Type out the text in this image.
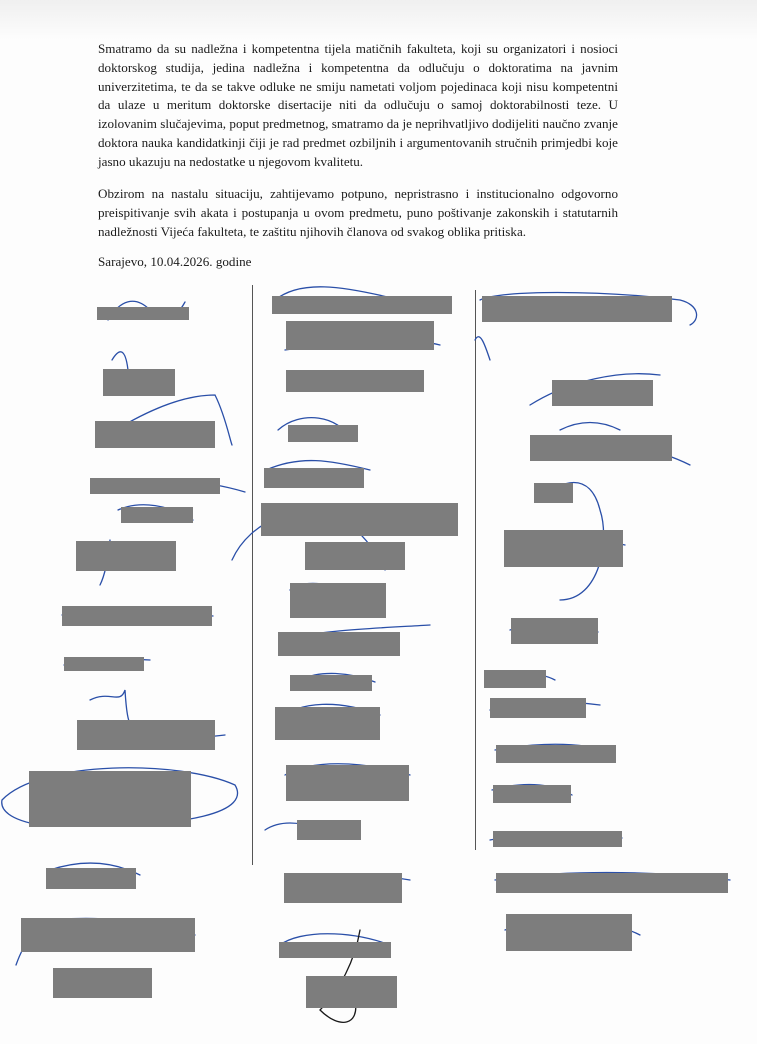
Smatramo da su nadležna i kompetentna tijela matičnih fakulteta, koji su organizatori i nosioci doktorskog studija, jedina nadležna i kompetentna da odlučuju o doktoratima na javnim univerzitetima, te da se takve odluke ne smiju nametati voljom pojedinaca koji nisu kompetentni da ulaze u meritum doktorske disertacije niti da odlučuju o samoj doktorabilnosti teze. U izolovanim slučajevima, poput predmetnog, smatramo da je neprihvatljivo dodijeliti naučno zvanje doktora nauka kandidatkinji čiji je rad predmet ozbiljnih i argumentovanih stručnih primjedbi koje jasno ukazuju na nedostatke u njegovom kvalitetu.

Obzirom na nastalu situaciju, zahtijevamo potpuno, nepristrasno i institucionalno odgovorno preispitivanje svih akata i postupanja u ovom predmetu, puno poštivanje zakonskih i statutarnih nadležnosti Vijeća fakulteta, te zaštitu njihovih članova od svakog oblika pritiska.

Sarajevo, 10.04.2026. godine
